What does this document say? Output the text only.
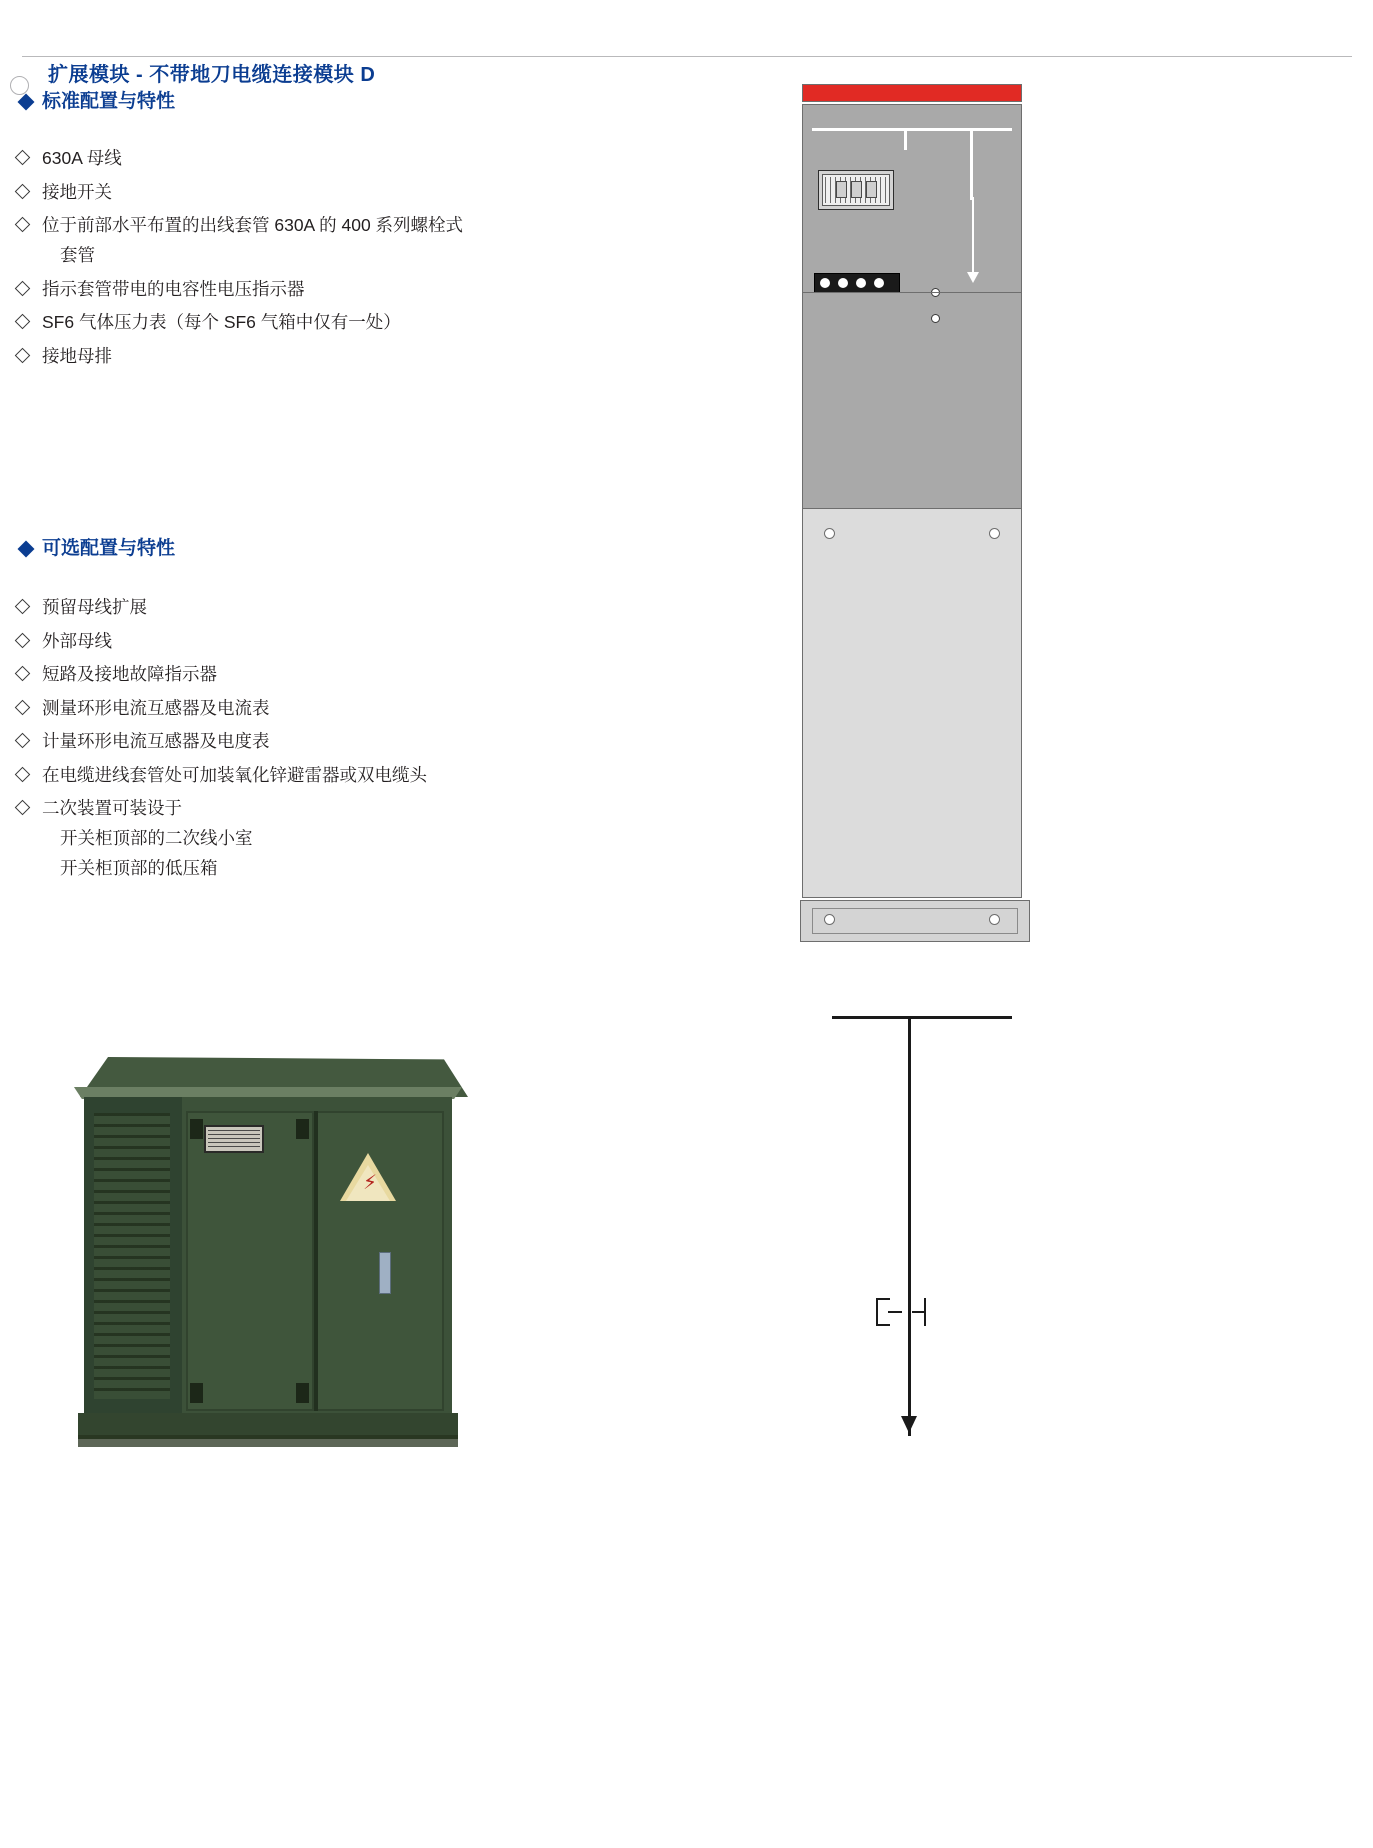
扩展模块 - 不带地刀电缆连接模块 D
标准配置与特性
630A 母线
接地开关
位于前部水平布置的出线套管 630A 的 400 系列螺栓式
套管
指示套管带电的电容性电压指示器
SF6 气体压力表（每个 SF6 气箱中仅有一处）
接地母排
可选配置与特性
预留母线扩展
外部母线
短路及接地故障指示器
测量环形电流互感器及电流表
计量环形电流互感器及电度表
在电缆进线套管处可加装氧化锌避雷器或双电缆头
二次装置可装设于
开关柜顶部的二次线小室
开关柜顶部的低压箱
⚡
